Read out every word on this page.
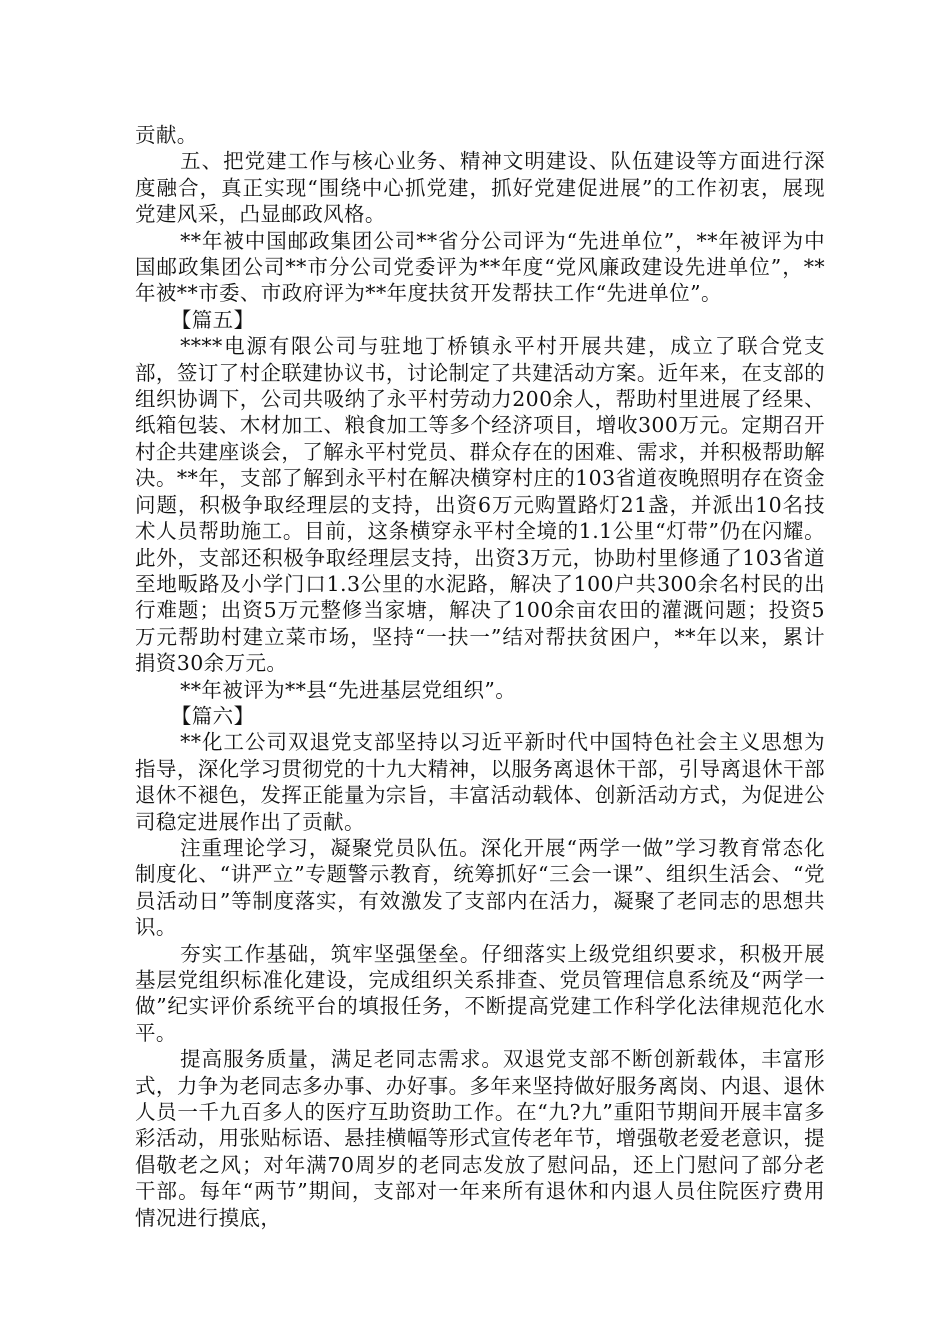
贡献。

五、把党建工作与核心业务、精神文明建设、队伍建设等方面进行深度融合，真正实现“围绕中心抓党建，抓好党建促进展”的工作初衷，展现党建风采，凸显邮政风格。

**年被中国邮政集团公司**省分公司评为“先进单位”，**年被评为中国邮政集团公司**市分公司党委评为**年度“党风廉政建设先进单位”，**年被**市委、市政府评为**年度扶贫开发帮扶工作“先进单位”。

【篇五】

****电源有限公司与驻地丁桥镇永平村开展共建，成立了联合党支部，签订了村企联建协议书，讨论制定了共建活动方案。近年来，在支部的组织协调下，公司共吸纳了永平村劳动力200余人，帮助村里进展了经果、纸箱包装、木材加工、粮食加工等多个经济项目，增收300万元。定期召开村企共建座谈会，了解永平村党员、群众存在的困难、需求，并积极帮助解决。**年，支部了解到永平村在解决横穿村庄的103省道夜晚照明存在资金问题，积极争取经理层的支持，出资6万元购置路灯21盏，并派出10名技术人员帮助施工。目前，这条横穿永平村全境的1.1公里“灯带”仍在闪耀。此外，支部还积极争取经理层支持，出资3万元，协助村里修通了103省道至地畈路及小学门口1.3公里的水泥路，解决了100户共300余名村民的出行难题；出资5万元整修当家塘，解决了100余亩农田的灌溉问题；投资5万元帮助村建立菜市场，坚持“一扶一”结对帮扶贫困户，**年以来，累计捐资30余万元。

**年被评为**县“先进基层党组织”。

【篇六】

**化工公司双退党支部坚持以习近平新时代中国特色社会主义思想为指导，深化学习贯彻党的十九大精神，以服务离退休干部，引导离退休干部退休不褪色，发挥正能量为宗旨，丰富活动载体、创新活动方式，为促进公司稳定进展作出了贡献。

注重理论学习，凝聚党员队伍。深化开展“两学一做”学习教育常态化制度化、“讲严立”专题警示教育，统筹抓好“三会一课”、组织生活会、“党员活动日”等制度落实，有效激发了支部内在活力，凝聚了老同志的思想共识。

夯实工作基础，筑牢坚强堡垒。仔细落实上级党组织要求，积极开展基层党组织标准化建设，完成组织关系排查、党员管理信息系统及“两学一做”纪实评价系统平台的填报任务，不断提高党建工作科学化法律规范化水平。

提高服务质量，满足老同志需求。双退党支部不断创新载体，丰富形式，力争为老同志多办事、办好事。多年来坚持做好服务离岗、内退、退休人员一千九百多人的医疗互助资助工作。在“九?九”重阳节期间开展丰富多彩活动，用张贴标语、悬挂横幅等形式宣传老年节，增强敬老爱老意识，提倡敬老之风；对年满70周岁的老同志发放了慰问品，还上门慰问了部分老干部。每年“两节”期间，支部对一年来所有退休和内退人员住院医疗费用情况进行摸底，
